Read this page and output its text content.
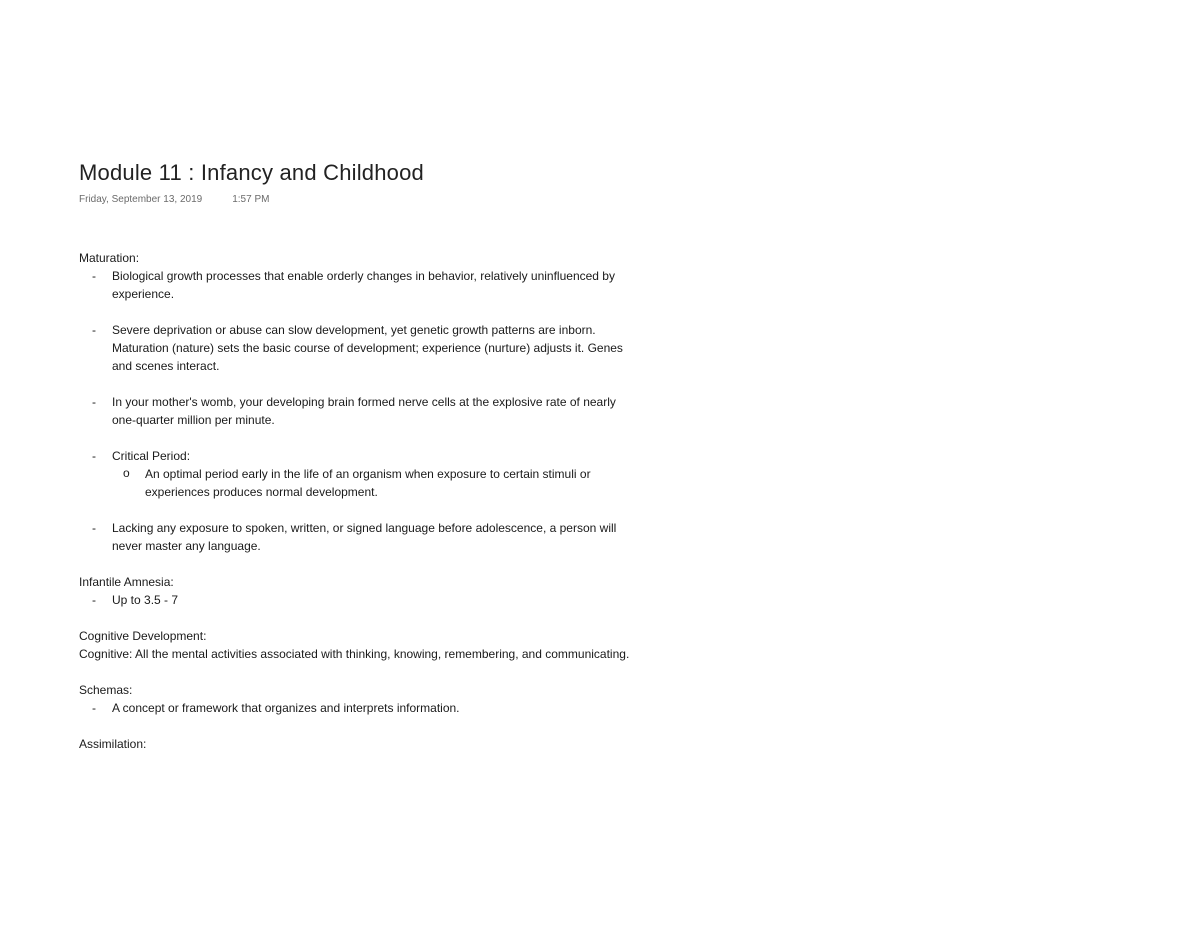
Module 11 : Infancy and Childhood
Friday, September 13, 2019	1:57 PM
Maturation:
- Biological growth processes that enable orderly changes in behavior, relatively uninfluenced by experience.
- Severe deprivation or abuse can slow development, yet genetic growth patterns are inborn. Maturation (nature) sets the basic course of development; experience (nurture) adjusts it. Genes and scenes interact.
- In your mother's womb, your developing brain formed nerve cells at the explosive rate of nearly one-quarter million per minute.
- Critical Period:
o An optimal period early in the life of an organism when exposure to certain stimuli or experiences produces normal development.
- Lacking any exposure to spoken, written, or signed language before adolescence, a person will never master any language.
Infantile Amnesia:
- Up to 3.5 - 7
Cognitive Development:
Cognitive: All the mental activities associated with thinking, knowing, remembering, and communicating.
Schemas:
- A concept or framework that organizes and interprets information.
Assimilation:
